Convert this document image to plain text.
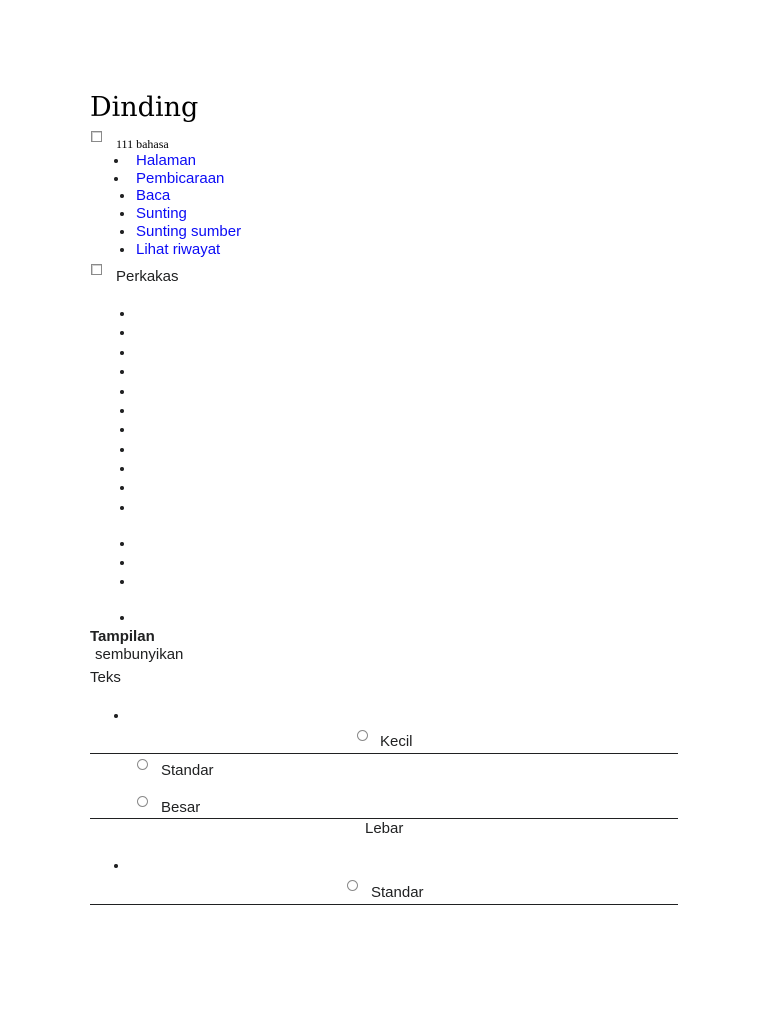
Dinding
111 bahasa
Halaman
Pembicaraan
Baca
Sunting
Sunting sumber
Lihat riwayat
Perkakas
Tampilan
sembunyikan
Teks
Kecil
Standar
Besar
Lebar
Standar
